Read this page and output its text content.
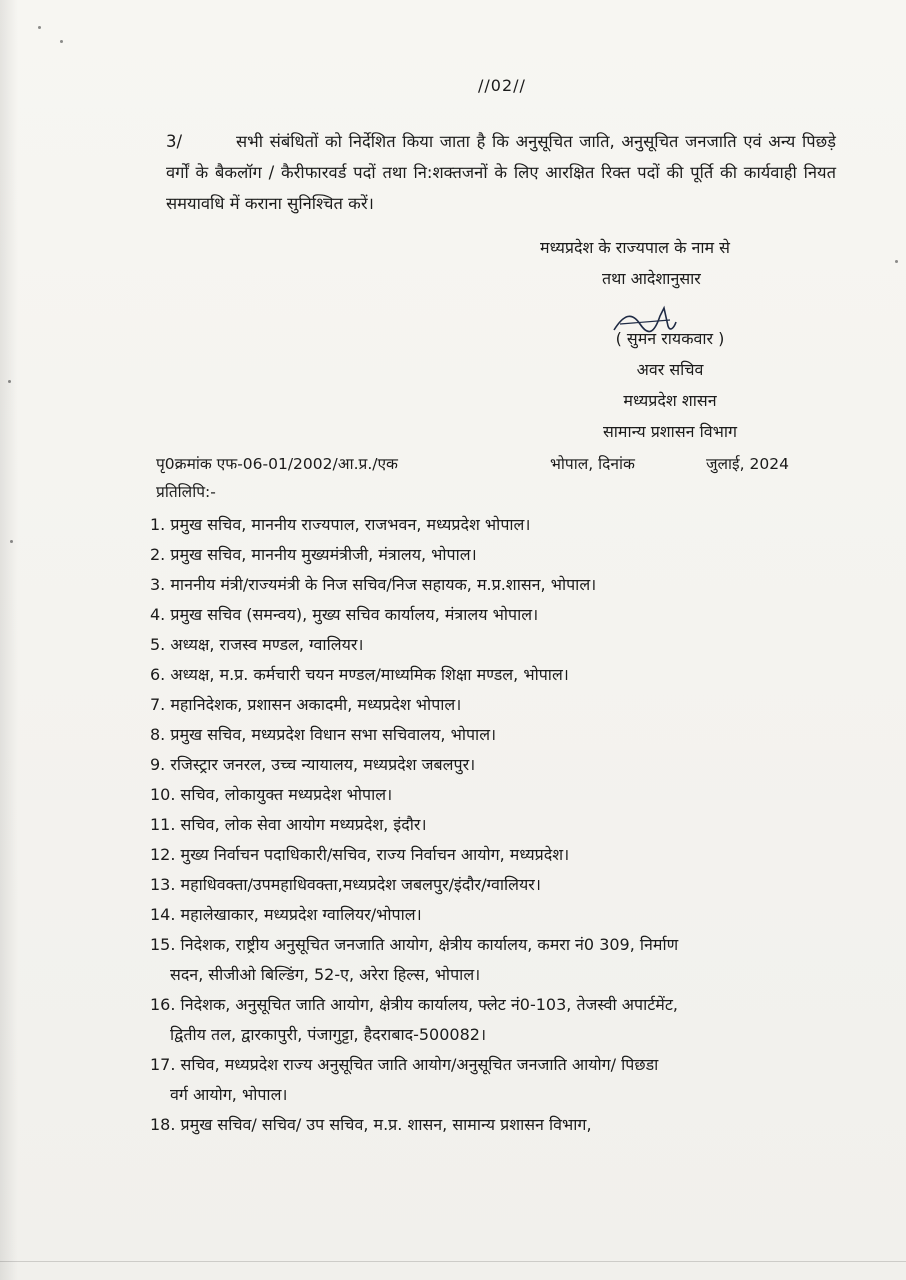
//02//
3/	सभी संबंधितों को निर्देशित किया जाता है कि अनुसूचित जाति, अनुसूचित जनजाति एवं अन्य पिछड़े वर्गों के बैकलॉग / कैरीफारवर्ड पदों तथा नि:शक्तजनों के लिए आरक्षित रिक्त पदों की पूर्ति की कार्यवाही नियत समयावधि में कराना सुनिश्चित करें।
मध्यप्रदेश के राज्यपाल के नाम से
तथा आदेशानुसार
( सुमन रायकवार )
अवर सचिव
मध्यप्रदेश शासन
सामान्य प्रशासन विभाग
पृ0क्रमांक एफ-06-01/2002/आ.प्र./एक	भोपाल, दिनांक	जुलाई, 2024
प्रतिलिपि:-
1. प्रमुख सचिव, माननीय राज्यपाल, राजभवन, मध्यप्रदेश भोपाल।
2. प्रमुख सचिव, माननीय मुख्यमंत्रीजी, मंत्रालय, भोपाल।
3. माननीय मंत्री/राज्यमंत्री के निज सचिव/निज सहायक, म.प्र.शासन, भोपाल।
4. प्रमुख सचिव (समन्वय), मुख्य सचिव कार्यालय, मंत्रालय भोपाल।
5. अध्यक्ष, राजस्व मण्डल, ग्वालियर।
6. अध्यक्ष, म.प्र. कर्मचारी चयन मण्डल/माध्यमिक शिक्षा मण्डल, भोपाल।
7. महानिदेशक, प्रशासन अकादमी, मध्यप्रदेश भोपाल।
8. प्रमुख सचिव, मध्यप्रदेश विधान सभा सचिवालय, भोपाल।
9. रजिस्ट्रार जनरल, उच्च न्यायालय, मध्यप्रदेश जबलपुर।
10. सचिव, लोकायुक्त मध्यप्रदेश भोपाल।
11. सचिव, लोक सेवा आयोग मध्यप्रदेश, इंदौर।
12. मुख्य निर्वाचन पदाधिकारी/सचिव, राज्य निर्वाचन आयोग, मध्यप्रदेश।
13. महाधिवक्ता/उपमहाधिवक्ता,मध्यप्रदेश जबलपुर/इंदौर/ग्वालियर।
14. महालेखाकार, मध्यप्रदेश ग्वालियर/भोपाल।
15. निदेशक, राष्ट्रीय अनुसूचित जनजाति आयोग, क्षेत्रीय कार्यालय, कमरा नं0 309, निर्माण
सदन, सीजीओ बिल्डिंग, 52-ए, अरेरा हिल्स, भोपाल।
16. निदेशक, अनुसूचित जाति आयोग, क्षेत्रीय कार्यालय, फ्लेट नं0-103, तेजस्वी अपार्टमेंट,
द्वितीय तल, द्वारकापुरी, पंजागुट्टा, हैदराबाद-500082।
17. सचिव, मध्यप्रदेश राज्य अनुसूचित जाति आयोग/अनुसूचित जनजाति आयोग/ पिछडा
वर्ग आयोग, भोपाल।
18. प्रमुख सचिव/ सचिव/ उप सचिव, म.प्र. शासन, सामान्य प्रशासन विभाग,
